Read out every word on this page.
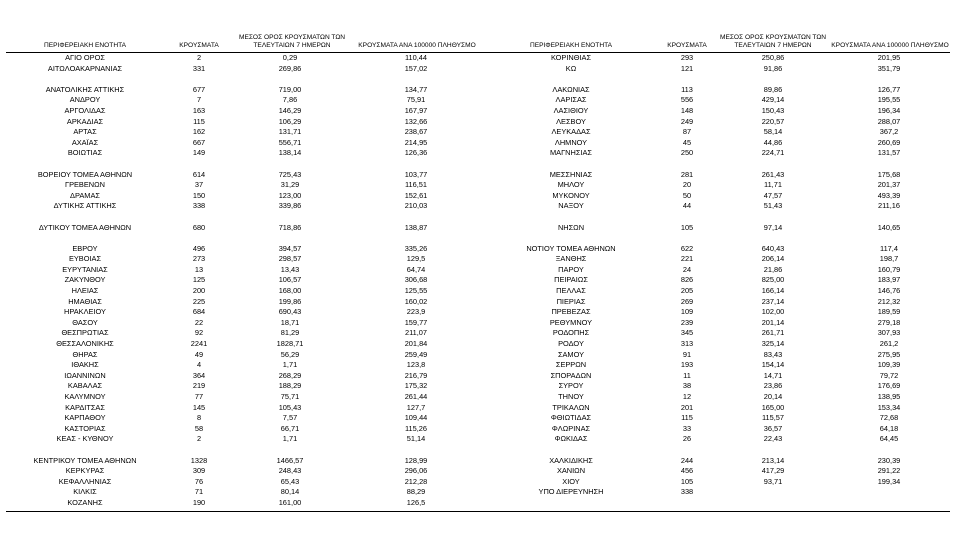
ΠΕΡΙΦΕΡΕΙΑΚΗ ΕΝΟΤΗΤΑ	ΚΡΟΥΣΜΑΤΑ
ΜΕΣΟΣ ΟΡΟΣ ΚΡΟΥΣΜΑΤΩΝ ΤΩΝ ΤΕΛΕΥΤΑΙΩΝ 7 ΗΜΕΡΩΝ	ΚΡΟΥΣΜΑΤΑ ΑΝΑ 100000 ΠΛΗΘΥΣΜΟ
ΑΓΙΟ ΟΡΟΣ	2	0,29	110,44
ΑΙΤΩΛΟΑΚΑΡΝΑΝΙΑΣ	331	269,86	157,02
ΑΝΑΤΟΛΙΚΗΣ ΑΤΤΙΚΗΣ	677	719,00	134,77
ΑΝΔΡΟΥ	7	7,86	75,91
ΑΡΓΟΛΙΔΑΣ	163	146,29	167,97
ΑΡΚΑΔΙΑΣ	115	106,29	132,66
ΑΡΤΑΣ	162	131,71	238,67
ΑΧΑΪΑΣ	667	556,71	214,95
ΒΟΙΩΤΙΑΣ	149	138,14	126,36
ΒΟΡΕΙΟΥ ΤΟΜΕΑ ΑΘΗΝΩΝ	614	725,43	103,77
ΓΡΕΒΕΝΩΝ	37	31,29	116,51
ΔΡΑΜΑΣ	150	123,00	152,61
ΔΥΤΙΚΗΣ ΑΤΤΙΚΗΣ	338	339,86	210,03
ΔΥΤΙΚΟΥ ΤΟΜΕΑ ΑΘΗΝΩΝ	680	718,86	138,87
ΕΒΡΟΥ	496	394,57	335,26
ΕΥΒΟΙΑΣ	273	298,57	129,5
ΕΥΡΥΤΑΝΙΑΣ	13	13,43	64,74
ΖΑΚΥΝΘΟΥ	125	106,57	306,68
ΗΛΕΙΑΣ	200	168,00	125,55
ΗΜΑΘΙΑΣ	225	199,86	160,02
ΗΡΑΚΛΕΙΟΥ	684	690,43	223,9
ΘΑΣΟΥ	22	18,71	159,77
ΘΕΣΠΡΩΤΙΑΣ	92	81,29	211,07
ΘΕΣΣΑΛΟΝΙΚΗΣ	2241	1828,71	201,84
ΘΗΡΑΣ	49	56,29	259,49
ΙΘΑΚΗΣ	4	1,71	123,8
ΙΩΑΝΝΙΝΩΝ	364	268,29	216,79
ΚΑΒΑΛΑΣ	219	188,29	175,32
ΚΑΛΥΜΝΟΥ	77	75,71	261,44
ΚΑΡΔΙΤΣΑΣ	145	105,43	127,7
ΚΑΡΠΑΘΟΥ	8	7,57	109,44
ΚΑΣΤΟΡΙΑΣ	58	66,71	115,26
ΚΕΑΣ - ΚΥΘΝΟΥ	2	1,71	51,14
ΚΕΝΤΡΙΚΟΥ ΤΟΜΕΑ ΑΘΗΝΩΝ	1328	1466,57	128,99
ΚΕΡΚΥΡΑΣ	309	248,43	296,06
ΚΕΦΑΛΛΗΝΙΑΣ	76	65,43	212,28
ΚΙΛΚΙΣ	71	80,14	88,29
ΚΟΖΑΝΗΣ	190	161,00	126,5
ΠΕΡΙΦΕΡΕΙΑΚΗ ΕΝΟΤΗΤΑ	ΚΡΟΥΣΜΑΤΑ
ΜΕΣΟΣ ΟΡΟΣ ΚΡΟΥΣΜΑΤΩΝ ΤΩΝ ΤΕΛΕΥΤΑΙΩΝ 7 ΗΜΕΡΩΝ	ΚΡΟΥΣΜΑΤΑ ΑΝΑ 100000 ΠΛΗΘΥΣΜΟ
ΚΟΡΙΝΘΙΑΣ	293	250,86	201,95
ΚΩ	121	91,86	351,79
ΛΑΚΩΝΙΑΣ	113	89,86	126,77
ΛΑΡΙΣΑΣ	556	429,14	195,55
ΛΑΣΙΘΙΟΥ	148	150,43	196,34
ΛΕΣΒΟΥ	249	220,57	288,07
ΛΕΥΚΑΔΑΣ	87	58,14	367,2
ΛΗΜΝΟΥ	45	44,86	260,69
ΜΑΓΝΗΣΙΑΣ	250	224,71	131,57
ΜΕΣΣΗΝΙΑΣ	281	261,43	175,68
ΜΗΛΟΥ	20	11,71	201,37
ΜΥΚΟΝΟΥ	50	47,57	493,39
ΝΑΞΟΥ	44	51,43	211,16
ΝΗΣΩΝ	105	97,14	140,65
ΝΟΤΙΟΥ ΤΟΜΕΑ ΑΘΗΝΩΝ	622	640,43	117,4
ΞΑΝΘΗΣ	221	206,14	198,7
ΠΑΡΟΥ	24	21,86	160,79
ΠΕΙΡΑΙΩΣ	826	825,00	183,97
ΠΕΛΛΑΣ	205	166,14	146,76
ΠΙΕΡΙΑΣ	269	237,14	212,32
ΠΡΕΒΕΖΑΣ	109	102,00	189,59
ΡΕΘΥΜΝΟΥ	239	201,14	279,18
ΡΟΔΟΠΗΣ	345	261,71	307,93
ΡΟΔΟΥ	313	325,14	261,2
ΣΑΜΟΥ	91	83,43	275,95
ΣΕΡΡΩΝ	193	154,14	109,39
ΣΠΟΡΑΔΩΝ	11	14,71	79,72
ΣΥΡΟΥ	38	23,86	176,69
ΤΗΝΟΥ	12	20,14	138,95
ΤΡΙΚΑΛΩΝ	201	165,00	153,34
ΦΘΙΩΤΙΔΑΣ	115	115,57	72,68
ΦΛΩΡΙΝΑΣ	33	36,57	64,18
ΦΩΚΙΔΑΣ	26	22,43	64,45
ΧΑΛΚΙΔΙΚΗΣ	244	213,14	230,39
ΧΑΝΙΩΝ	456	417,29	291,22
ΧΙΟΥ	105	93,71	199,34
ΥΠΟ ΔΙΕΡΕΥΝΗΣΗ	338
